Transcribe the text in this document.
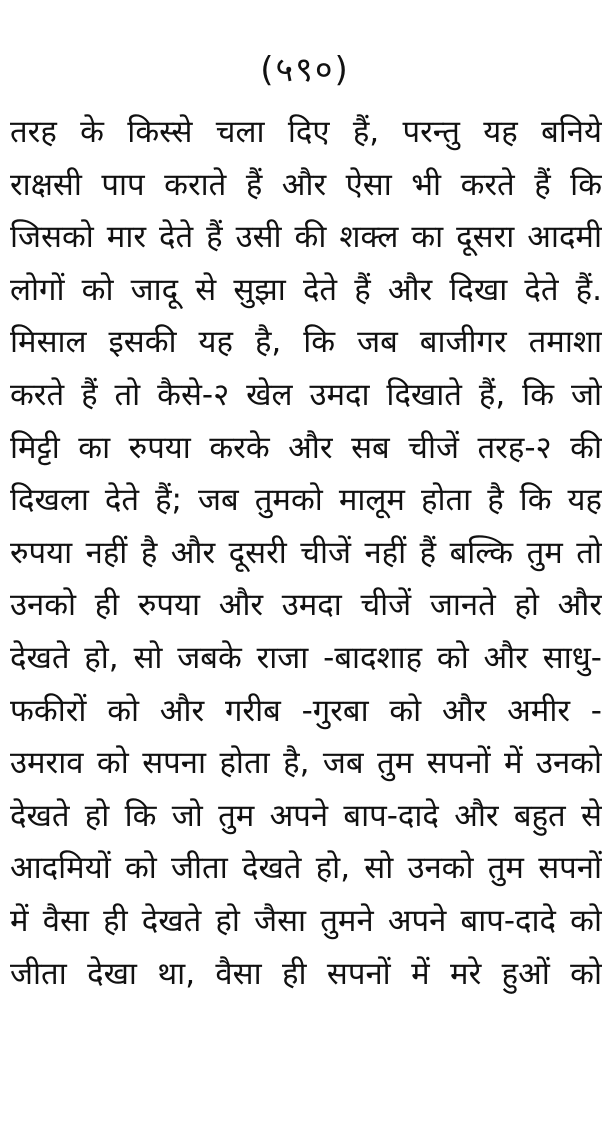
(५९०)
तरह के किस्से चला दिए हैं, परन्तु यह बनिये
राक्षसी पाप कराते हैं और ऐसा भी करते हैं कि
जिसको मार देते हैं उसी की शक्ल का दूसरा आदमी
लोगों को जादू से सुझा देते हैं और दिखा देते हैं.
मिसाल इसकी यह है, कि जब बाजीगर तमाशा
करते हैं तो कैसे-२ खेल उमदा दिखाते हैं, कि जो
मिट्टी का रुपया करके और सब चीजें तरह-२ की
दिखला देते हैं; जब तुमको मालूम होता है कि यह
रुपया नहीं है और दूसरी चीजें नहीं हैं बल्कि तुम तो
उनको ही रुपया और उमदा चीजें जानते हो और
देखते हो, सो जबके राजा -बादशाह को और साधु-
फकीरों को और गरीब -गुरबा को और अमीर -
उमराव को सपना होता है, जब तुम सपनों में उनको
देखते हो कि जो तुम अपने बाप-दादे और बहुत से
आदमियों को जीता देखते हो, सो उनको तुम सपनों
में वैसा ही देखते हो जैसा तुमने अपने बाप-दादे को
जीता देखा था, वैसा ही सपनों में मरे हुओं को
